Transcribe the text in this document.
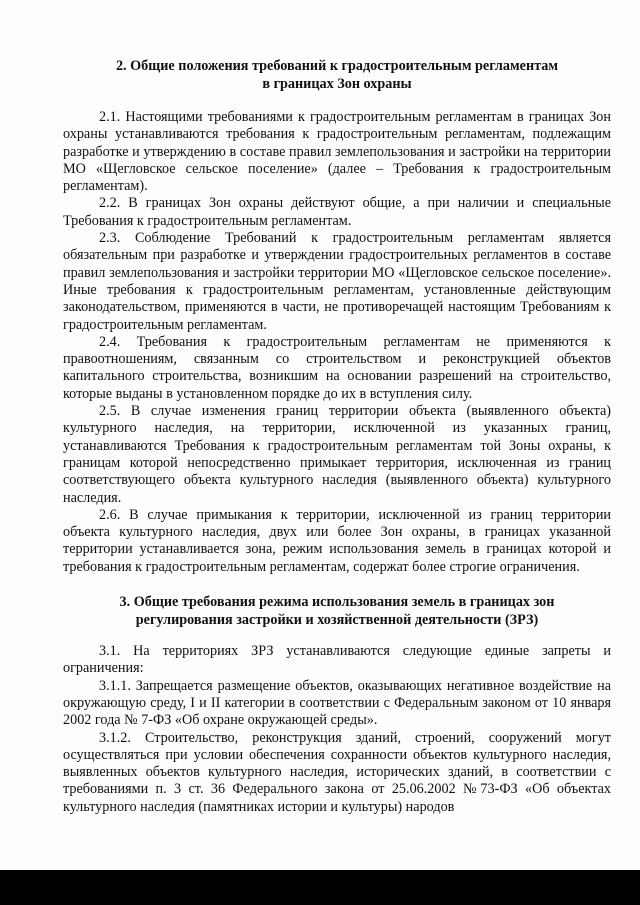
2. Общие положения требований к градостроительным регламентам
в границах Зон охраны

2.1. Настоящими требованиями к градостроительным регламентам в границах Зон охраны устанавливаются требования к градостроительным регламентам, подлежащим разработке и утверждению в составе правил землепользования и застройки на территории МО «Щегловское сельское поселение» (далее – Требования к градостроительным регламентам).

2.2. В границах Зон охраны действуют общие, а при наличии и специальные Требования к градостроительным регламентам.

2.3. Соблюдение Требований к градостроительным регламентам является обязательным при разработке и утверждении градостроительных регламентов в составе правил землепользования и застройки территории МО «Щегловское сельское поселение». Иные требования к градостроительным регламентам, установленные действующим законодательством, применяются в части, не противоречащей настоящим Требованиям к градостроительным регламентам.

2.4. Требования к градостроительным регламентам не применяются к правоотношениям, связанным со строительством и реконструкцией объектов капитального строительства, возникшим на основании разрешений на строительство, которые выданы в установленном порядке до их в вступления силу.

2.5. В случае изменения границ территории объекта (выявленного объекта) культурного наследия, на территории, исключенной из указанных границ, устанавливаются Требования к градостроительным регламентам той Зоны охраны, к границам которой непосредственно примыкает территория, исключенная из границ соответствующего объекта культурного наследия (выявленного объекта) культурного наследия.

2.6. В случае примыкания к территории, исключенной из границ территории объекта культурного наследия, двух или более Зон охраны, в границах указанной территории устанавливается зона, режим использования земель в границах которой и требования к градостроительным регламентам, содержат более строгие ограничения.

3. Общие требования режима использования земель в границах зон
регулирования застройки и хозяйственной деятельности (ЗРЗ)

3.1. На территориях ЗРЗ устанавливаются следующие единые запреты и ограничения:

3.1.1. Запрещается размещение объектов, оказывающих негативное воздействие на окружающую среду, I и II категории в соответствии с Федеральным законом от 10 января 2002 года № 7-ФЗ «Об охране окружающей среды».

3.1.2. Строительство, реконструкция зданий, строений, сооружений могут осуществляться при условии обеспечения сохранности объектов культурного наследия, выявленных объектов культурного наследия, исторических зданий, в соответствии с требованиями п. 3 ст. 36 Федерального закона от 25.06.2002 №73-ФЗ «Об объектах культурного наследия (памятниках истории и культуры) народов
